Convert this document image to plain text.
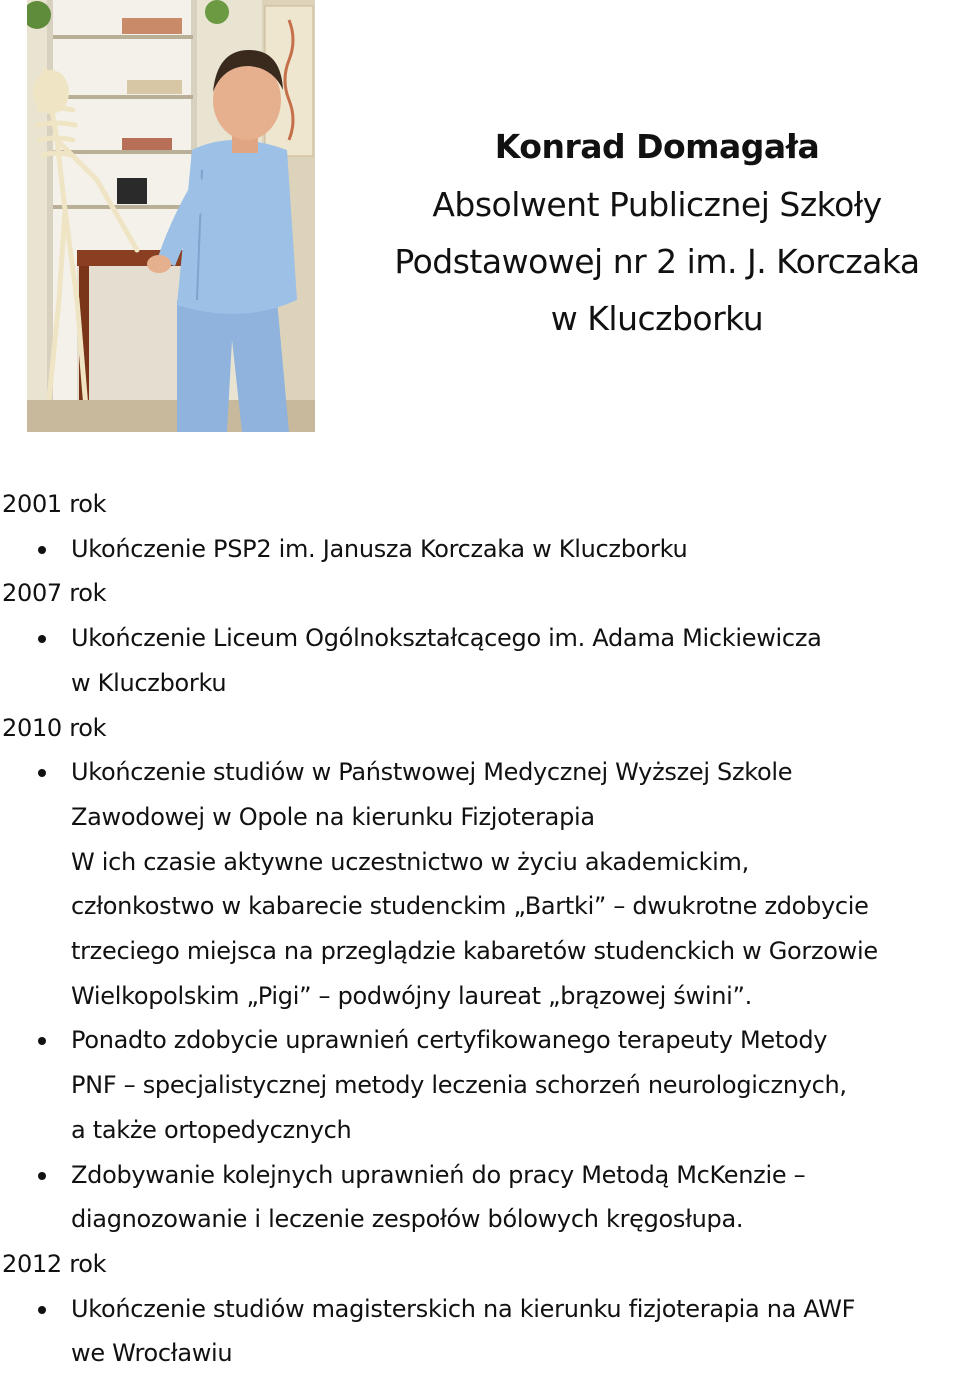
Konrad Domagała
Absolwent Publicznej Szkoły
Podstawowej nr 2 im. J. Korczaka
w Kluczborku
2001 rok
Ukończenie PSP2 im. Janusza Korczaka w Kluczborku
2007 rok
Ukończenie Liceum Ogólnokształcącego im. Adama Mickiewicza
w Kluczborku
2010 rok
Ukończenie studiów w Państwowej Medycznej Wyższej Szkole
Zawodowej w Opole na kierunku Fizjoterapia
W ich czasie aktywne uczestnictwo w życiu akademickim,
członkostwo w kabarecie studenckim „Bartki” – dwukrotne zdobycie
trzeciego miejsca na przeglądzie kabaretów studenckich w Gorzowie
Wielkopolskim „Pigi” – podwójny laureat „brązowej świni”.
Ponadto zdobycie uprawnień certyfikowanego terapeuty Metody
PNF – specjalistycznej metody leczenia schorzeń neurologicznych,
a także ortopedycznych
Zdobywanie kolejnych uprawnień do pracy Metodą McKenzie –
diagnozowanie i leczenie zespołów bólowych kręgosłupa.
2012 rok
Ukończenie studiów magisterskich na kierunku fizjoterapia na AWF
we Wrocławiu
